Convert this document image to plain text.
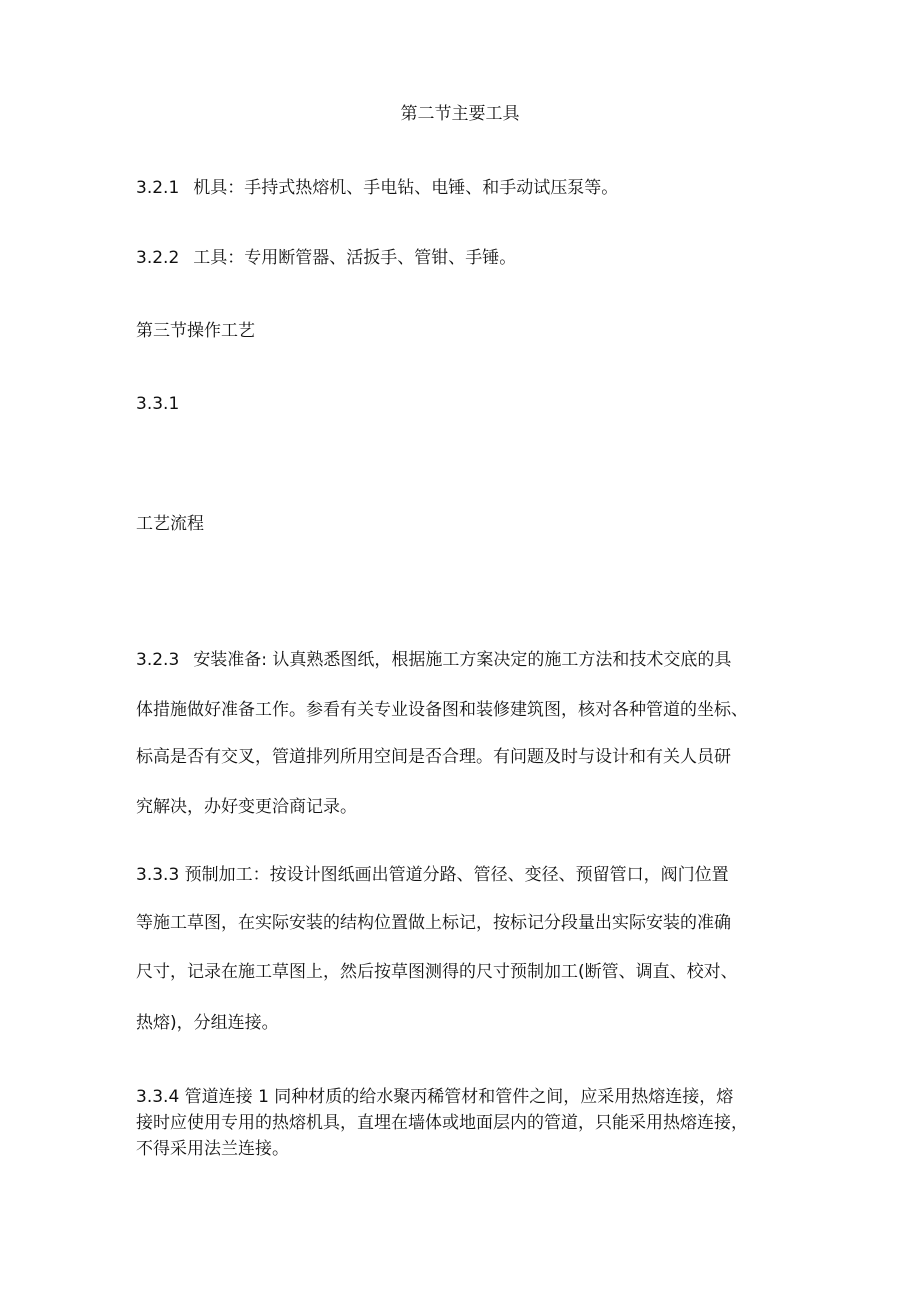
第二节主要工具
3.2.1 机具：手持式热熔机、手电钻、电锤、和手动试压泵等。
3.2.2 工具：专用断管器、活扳手、管钳、手锤。
第三节操作工艺
3.3.1
工艺流程
3.2.3 安装准备: 认真熟悉图纸，根据施工方案决定的施工方法和技术交底的具
体措施做好准备工作。参看有关专业设备图和装修建筑图，核对各种管道的坐标、
标高是否有交叉，管道排列所用空间是否合理。有问题及时与设计和有关人员研
究解决，办好变更洽商记录。
3.3.3 预制加工：按设计图纸画出管道分路、管径、变径、预留管口，阀门位置
等施工草图，在实际安装的结构位置做上标记，按标记分段量出实际安装的准确
尺寸，记录在施工草图上，然后按草图测得的尺寸预制加工(断管、调直、校对、
热熔)，分组连接。
3.3.4 管道连接 1 同种材质的给水聚丙稀管材和管件之间，应采用热熔连接，熔
接时应使用专用的热熔机具，直埋在墙体或地面层内的管道，只能采用热熔连接，
不得采用法兰连接。
